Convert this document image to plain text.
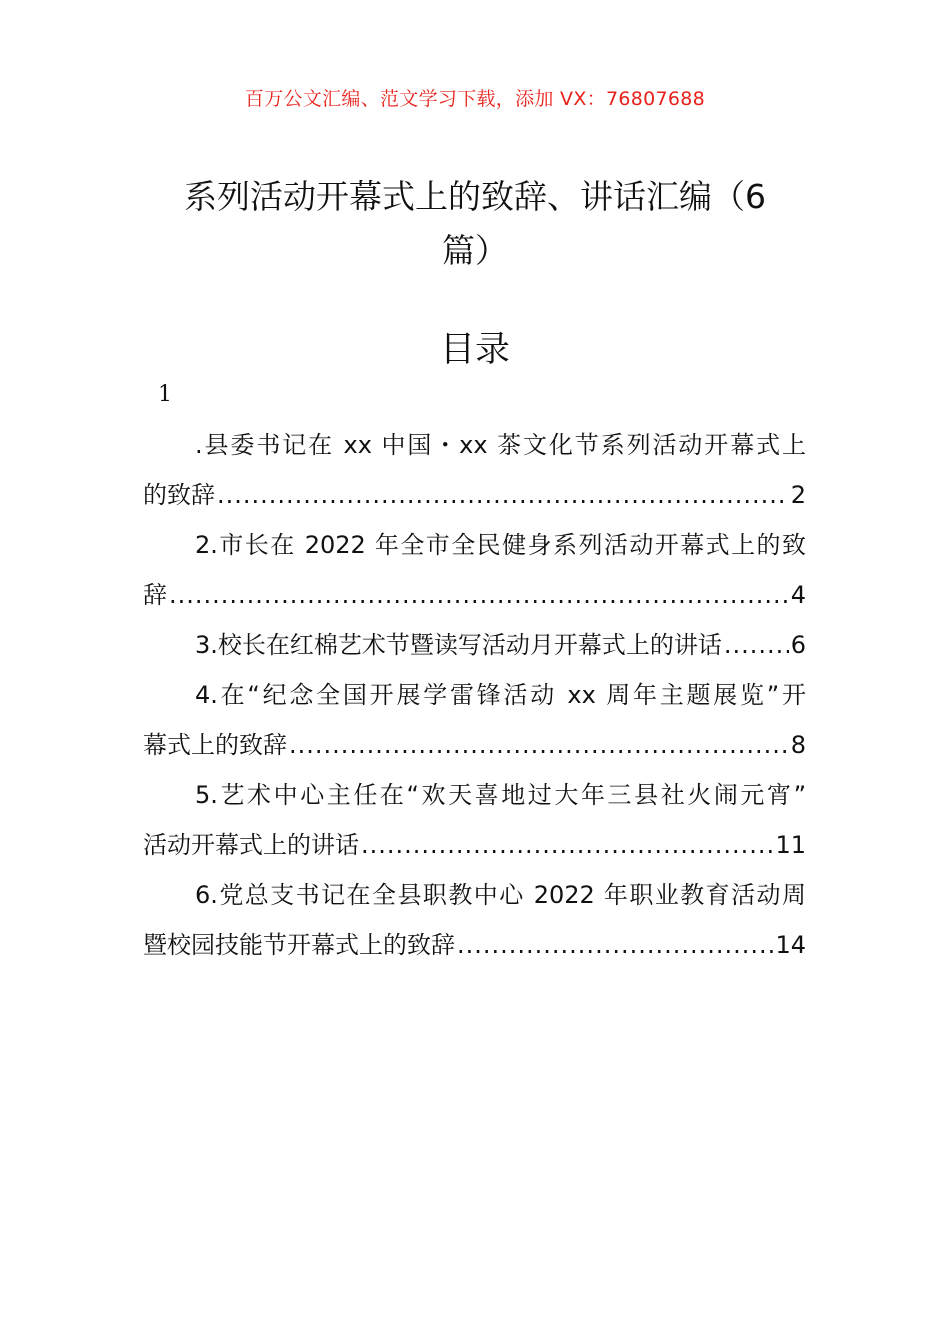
百万公文汇编、范文学习下载，添加 VX：76807688
系列活动开幕式上的致辞、讲话汇编（6
篇）
目录
1
.县委书记在 xx 中国・xx 茶文化节系列活动开幕式上
的致辞 .....	2
2.市长在 2022 年全市全民健身系列活动开幕式上的致
辞 .....	4
3.校长在红棉艺术节暨读写活动月开幕式上的讲话 .....	6
4.在“纪念全国开展学雷锋活动 xx 周年主题展览”开
幕式上的致辞 .....	8
5.艺术中心主任在“欢天喜地过大年三县社火闹元宵”
活动开幕式上的讲话 .....	11
6.党总支书记在全县职教中心 2022 年职业教育活动周
暨校园技能节开幕式上的致辞 .....	14
